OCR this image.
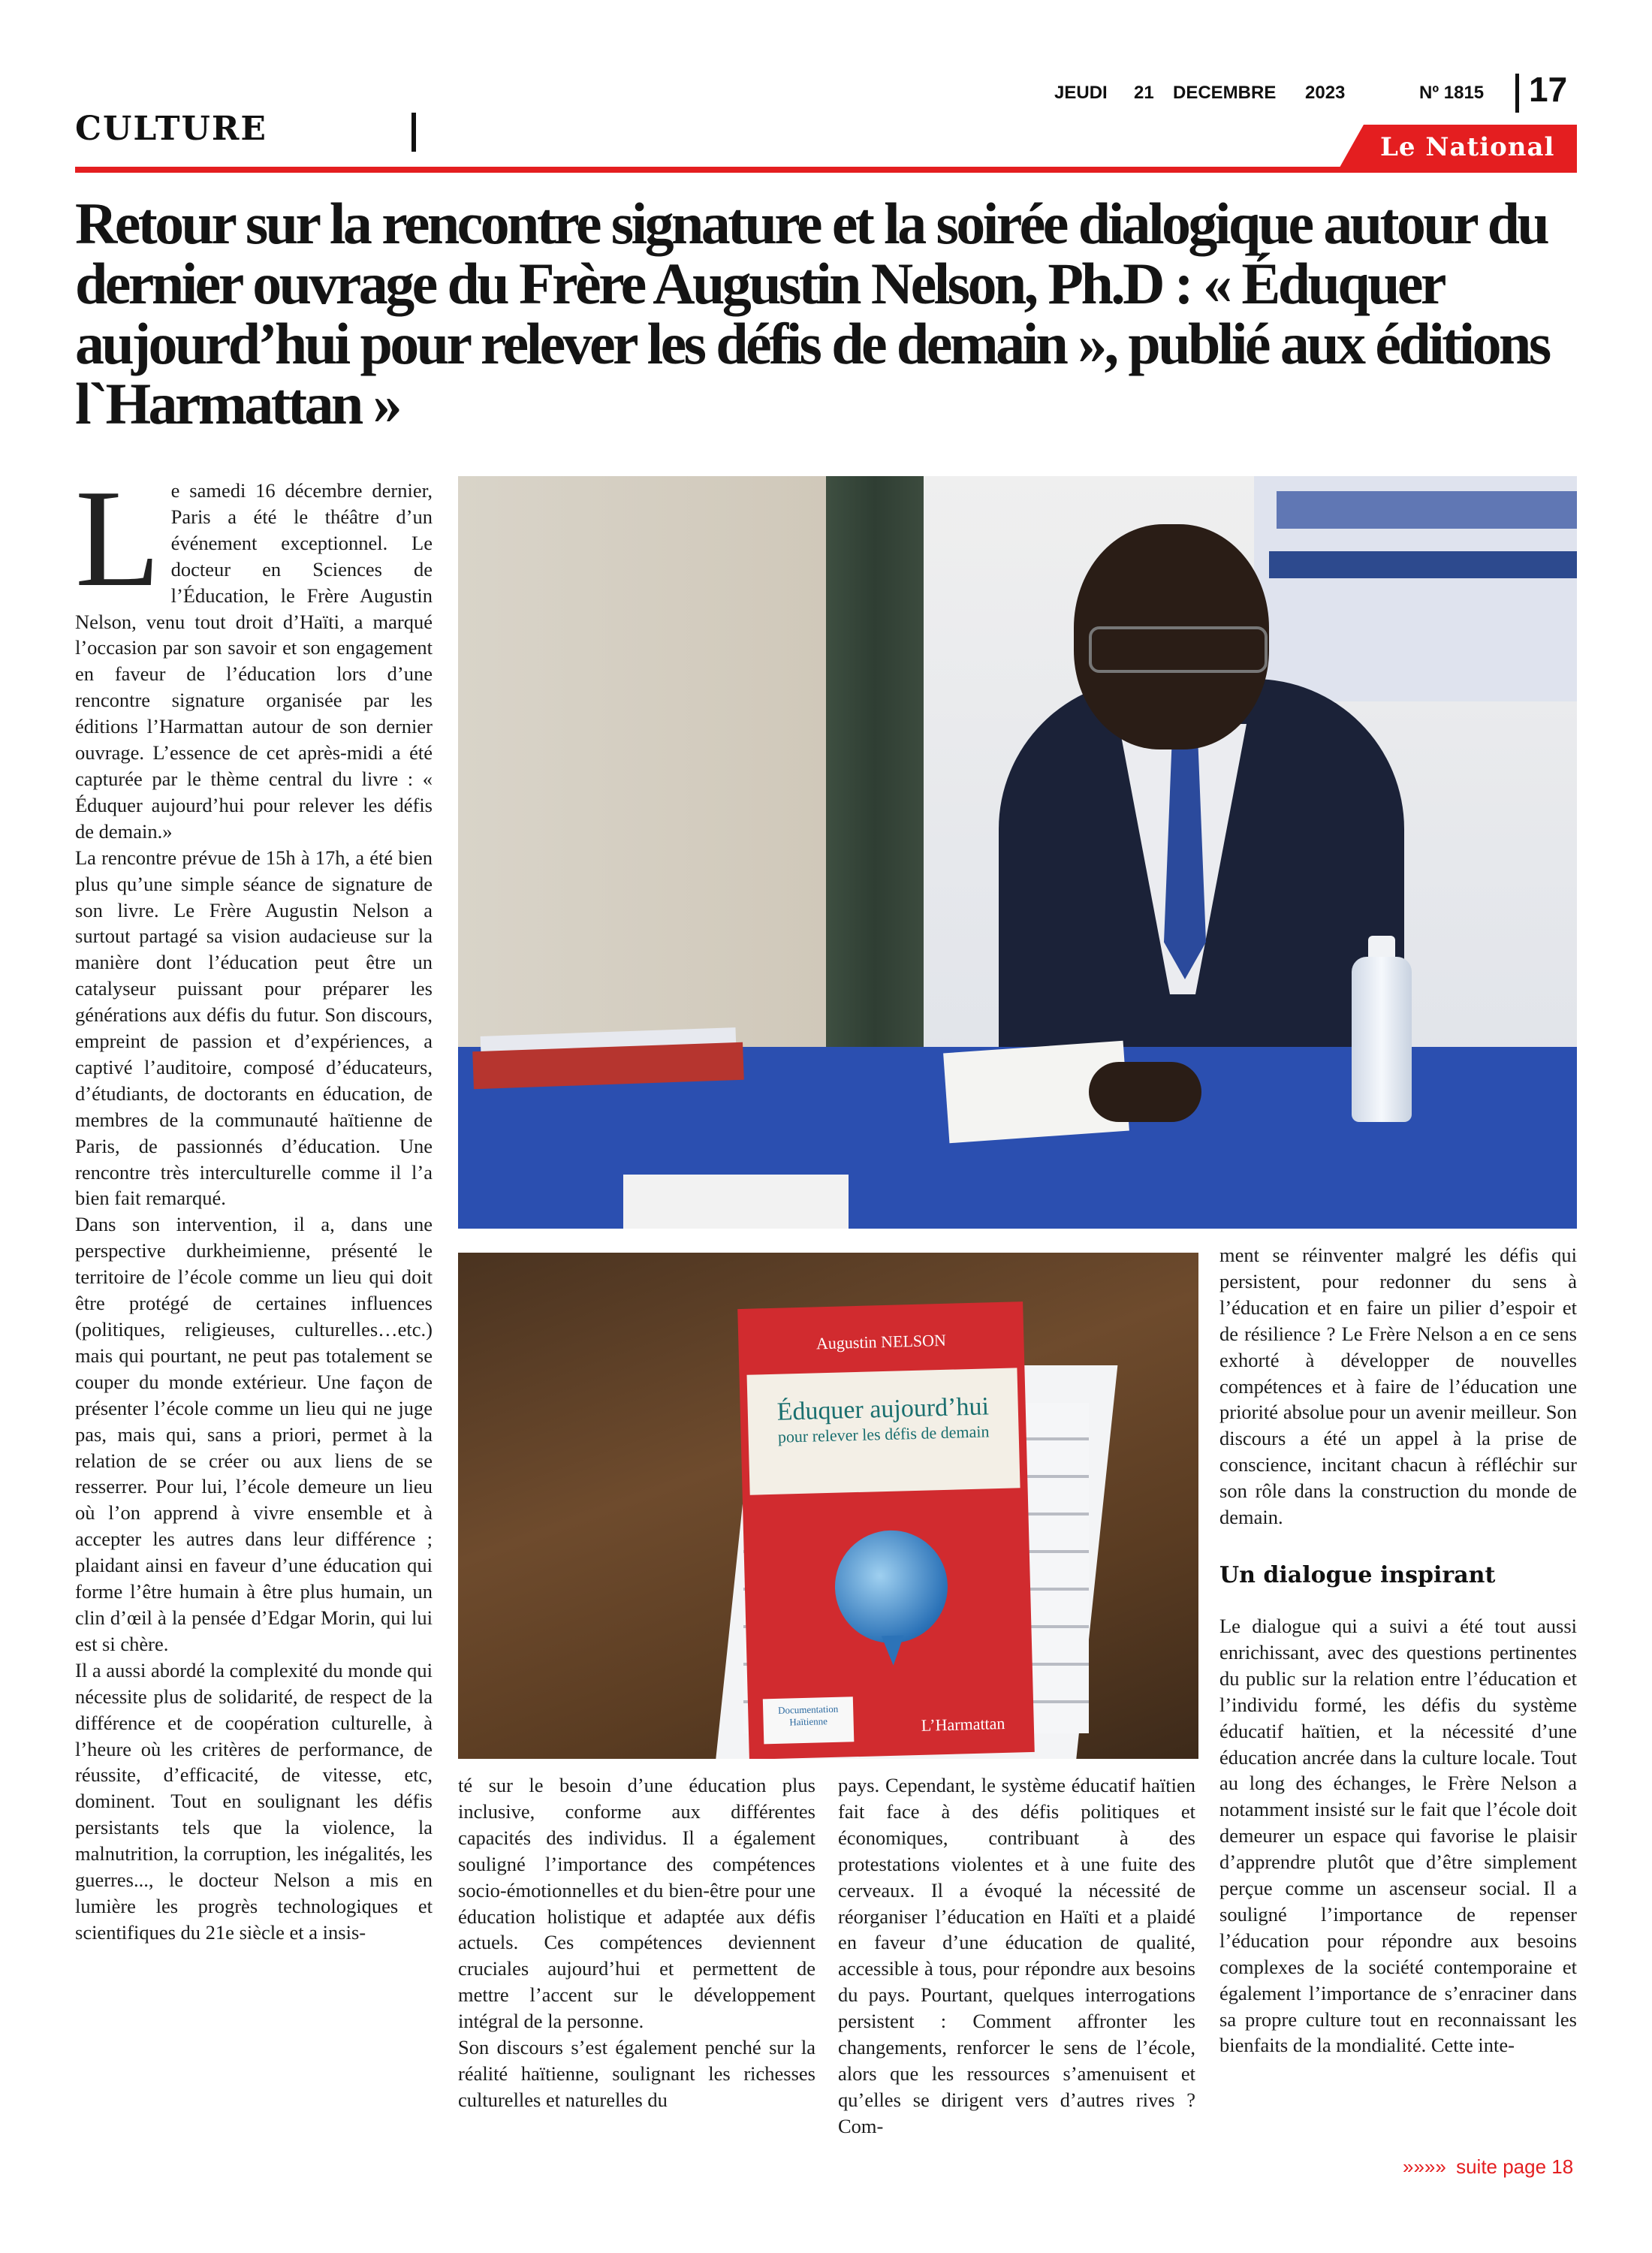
CULTURE
JEUDI 21 DECEMBRE 2023	Nº 1815 17
Le National
Retour sur la rencontre signature et la soirée dialogique autour du dernier ouvrage du Frère Augustin Nelson, Ph.D : « Éduquer aujourd’hui pour relever les défis de demain », publié aux éditions l`Harmattan »
L e samedi 16 décembre dernier, Paris a été le théâtre d’un événement exceptionnel. Le docteur en Sciences de l’Éducation, le Frère Augustin Nelson, venu tout droit d’Haïti, a marqué l’occasion par son savoir et son engagement en faveur de l’éducation lors d’une rencontre signature organisée par les éditions l’Harmattan autour de son dernier ouvrage. L’essence de cet après-midi a été capturée par le thème central du livre : « Éduquer aujourd’hui pour relever les défis de demain.»

La rencontre prévue de 15h à 17h, a été bien plus qu’une simple séance de signature de son livre. Le Frère Augustin Nelson a surtout partagé sa vision audacieuse sur la manière dont l’éducation peut être un catalyseur puissant pour préparer les générations aux défis du futur. Son discours, empreint de passion et d’expériences, a captivé l’auditoire, composé d’éducateurs, d’étudiants, de doctorants en éducation, de membres de la communauté haïtienne de Paris, de passionnés d’éducation. Une rencontre très interculturelle comme il l’a bien fait remarqué.

Dans son intervention, il a, dans une perspective durkheimienne, présenté le territoire de l’école comme un lieu qui doit être protégé de certaines influences (politiques, religieuses, culturelles…etc.) mais qui pourtant, ne peut pas totalement se couper du monde extérieur. Une façon de présenter l’école comme un lieu qui ne juge pas, mais qui, sans a priori, permet à la relation de se créer ou aux liens de se resserrer. Pour lui, l’école demeure un lieu où l’on apprend à vivre ensemble et à accepter les autres dans leur différence ; plaidant ainsi en faveur d’une éducation qui forme l’être humain à être plus humain, un clin d’œil à la pensée d’Edgar Morin, qui lui est si chère.

Il a aussi abordé la complexité du monde qui nécessite plus de solidarité, de respect de la différence et de coopération culturelle, à l’heure où les critères de performance, de réussite, d’efficacité, de vitesse, etc, dominent. Tout en soulignant les défis persistants tels que la violence, la malnutrition, la corruption, les inégalités, les guerres..., le docteur Nelson a mis en lumière les progrès technologiques et scientifiques du 21e siècle et a insis-

Augustin NELSON
Éduquer aujourd’hui
pour relever les défis de demain
Documentation Haïtienne	L’Harmattan

té sur le besoin d’une éducation plus inclusive, conforme aux différentes capacités des individus. Il a également souligné l’importance des compétences socio-émotionnelles et du bien-être pour une éducation holistique et adaptée aux défis actuels. Ces compétences deviennent cruciales aujourd’hui et permettent de mettre l’accent sur le développement intégral de la personne.

Son discours s’est également penché sur la réalité haïtienne, soulignant les richesses culturelles et naturelles du

pays. Cependant, le système éducatif haïtien fait face à des défis politiques et économiques, contribuant à des protestations violentes et à une fuite des cerveaux. Il a évoqué la nécessité de réorganiser l’éducation en Haïti et a plaidé en faveur d’une éducation de qualité, accessible à tous, pour répondre aux besoins du pays. Pourtant, quelques interrogations persistent : Comment affronter les changements, renforcer le sens de l’école, alors que les ressources s’amenuisent et qu’elles se dirigent vers d’autres rives ? Com-

ment se réinventer malgré les défis qui persistent, pour redonner du sens à l’éducation et en faire un pilier d’espoir et de résilience ? Le Frère Nelson a en ce sens exhorté à développer de nouvelles compétences et à faire de l’éducation une priorité absolue pour un avenir meilleur. Son discours a été un appel à la prise de conscience, incitant chacun à réfléchir sur son rôle dans la construction du monde de demain.

Un dialogue inspirant

Le dialogue qui a suivi a été tout aussi enrichissant, avec des questions pertinentes du public sur la relation entre l’éducation et l’individu formé, les défis du système éducatif haïtien, et la nécessité d’une éducation ancrée dans la culture locale. Tout au long des échanges, le Frère Nelson a notamment insisté sur le fait que l’école doit demeurer un espace qui favorise le plaisir d’apprendre plutôt que d’être simplement perçue comme un ascenseur social. Il a souligné l’importance de repenser l’éducation pour répondre aux besoins complexes de la société contemporaine et également l’importance de s’enraciner dans sa propre culture tout en reconnaissant les bienfaits de la mondialité. Cette inte-

»»»» suite page 18
